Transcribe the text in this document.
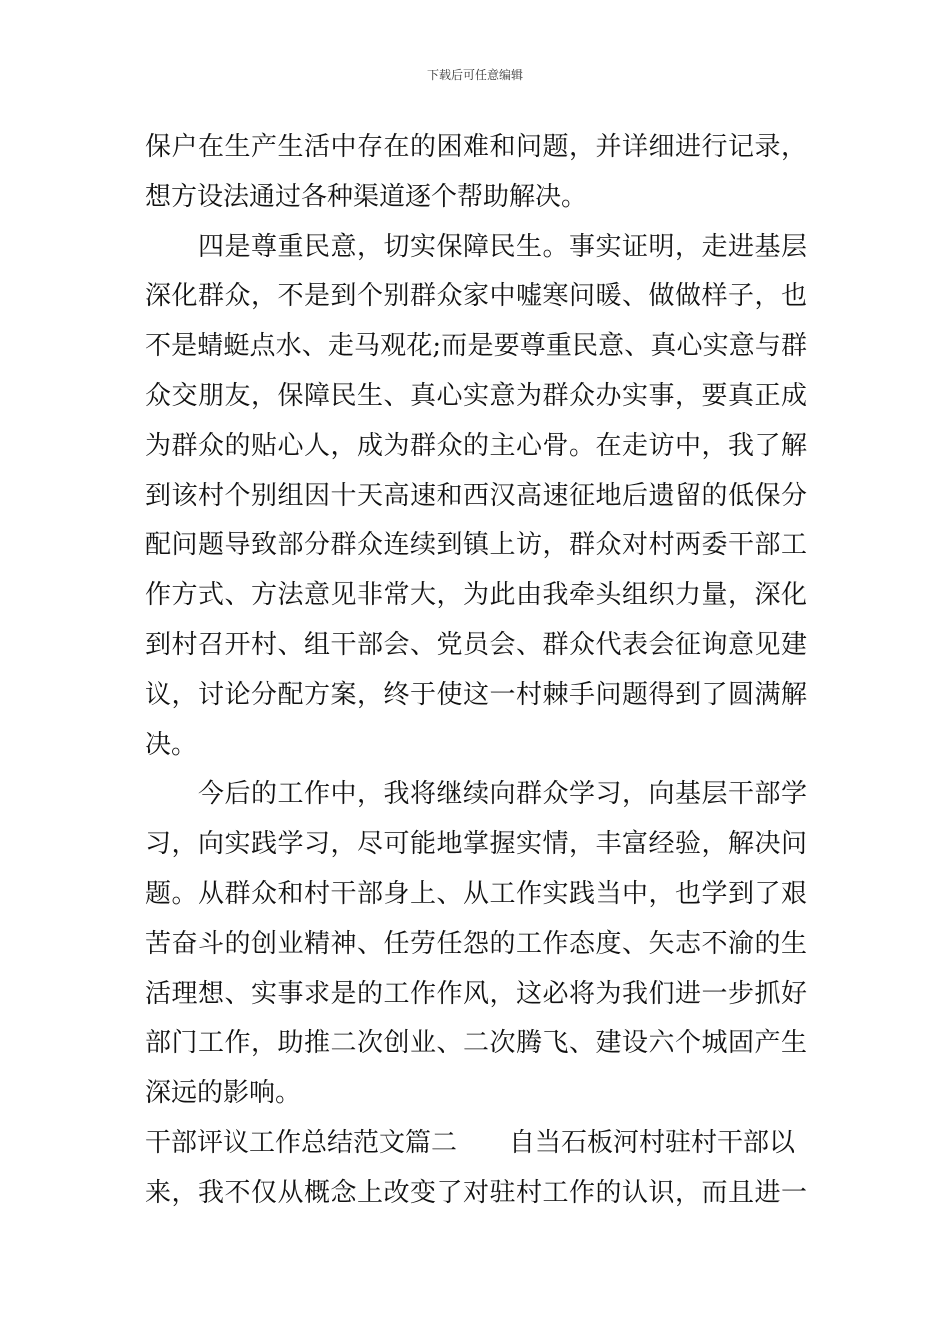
下载后可任意编辑
保户在生产生活中存在的困难和问题，并详细进行记录，
想方设法通过各种渠道逐个帮助解决。
四是尊重民意，切实保障民生。事实证明，走进基层
深化群众，不是到个别群众家中嘘寒问暖、做做样子，也
不是蜻蜓点水、走马观花;而是要尊重民意、真心实意与群
众交朋友，保障民生、真心实意为群众办实事，要真正成
为群众的贴心人，成为群众的主心骨。在走访中，我了解
到该村个别组因十天高速和西汉高速征地后遗留的低保分
配问题导致部分群众连续到镇上访，群众对村两委干部工
作方式、方法意见非常大，为此由我牵头组织力量，深化
到村召开村、组干部会、党员会、群众代表会征询意见建
议，讨论分配方案，终于使这一村棘手问题得到了圆满解
决。
今后的工作中，我将继续向群众学习，向基层干部学
习，向实践学习，尽可能地掌握实情，丰富经验，解决问
题。从群众和村干部身上、从工作实践当中，也学到了艰
苦奋斗的创业精神、任劳任怨的工作态度、矢志不渝的生
活理想、实事求是的工作作风，这必将为我们进一步抓好
部门工作，助推二次创业、二次腾飞、建设六个城固产生
深远的影响。
干部评议工作总结范文篇二 自当石板河村驻村干部以
来，我不仅从概念上改变了对驻村工作的认识，而且进一
